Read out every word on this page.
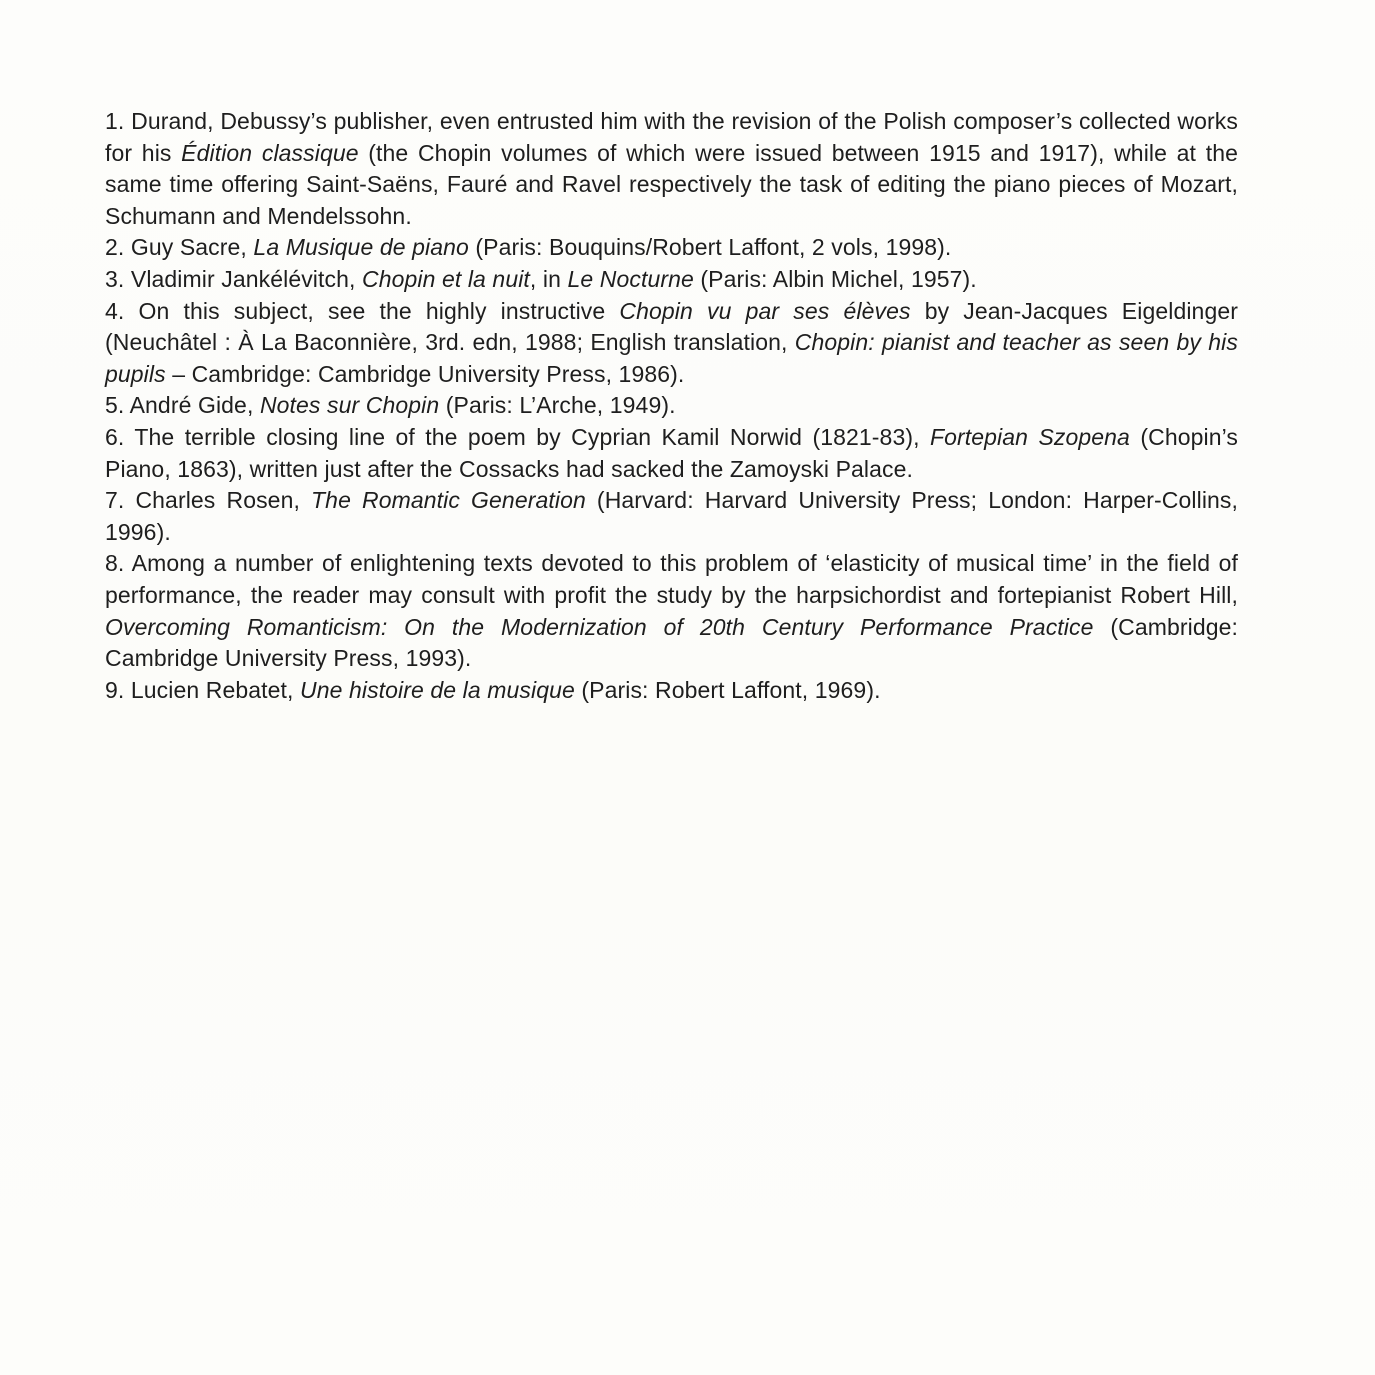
1. Durand, Debussy’s publisher, even entrusted him with the revision of the Polish composer’s collected works for his Édition classique (the Chopin volumes of which were issued between 1915 and 1917), while at the same time offering Saint-Saëns, Fauré and Ravel respectively the task of editing the piano pieces of Mozart, Schumann and Mendelssohn.

2. Guy Sacre, La Musique de piano (Paris: Bouquins/Robert Laffont, 2 vols, 1998).

3. Vladimir Jankélévitch, Chopin et la nuit, in Le Nocturne (Paris: Albin Michel, 1957).

4. On this subject, see the highly instructive Chopin vu par ses élèves by Jean-Jacques Eigeldinger (Neuchâtel : À La Baconnière, 3rd. edn, 1988; English translation, Chopin: pianist and teacher as seen by his pupils – Cambridge: Cambridge University Press, 1986).

5. André Gide, Notes sur Chopin (Paris: L’Arche, 1949).

6. The terrible closing line of the poem by Cyprian Kamil Norwid (1821-83), Fortepian Szopena (Chopin’s Piano, 1863), written just after the Cossacks had sacked the Zamoyski Palace.

7. Charles Rosen, The Romantic Generation (Harvard: Harvard University Press; London: Harper-Collins, 1996).

8. Among a number of enlightening texts devoted to this problem of ‘elasticity of musical time’ in the field of performance, the reader may consult with profit the study by the harpsichordist and fortepianist Robert Hill, Overcoming Romanticism: On the Modernization of 20th Century Performance Practice (Cambridge: Cambridge University Press, 1993).

9. Lucien Rebatet, Une histoire de la musique (Paris: Robert Laffont, 1969).
